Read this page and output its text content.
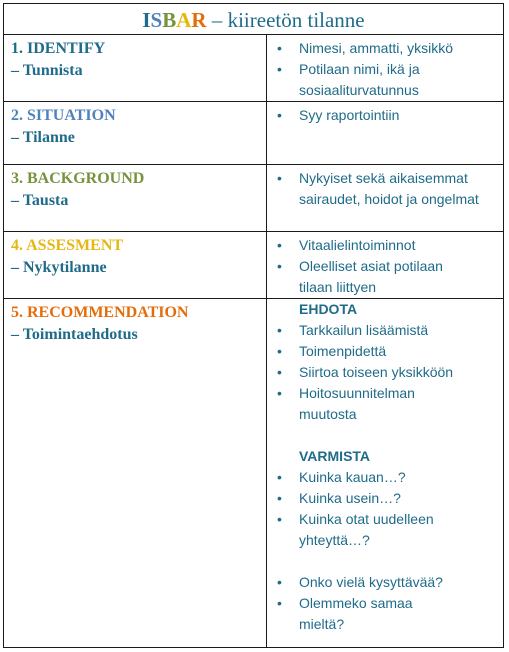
ISBAR – kiireetön tilanne
1. IDENTIFY
– Tunnista
• Nimesi, ammatti, yksikkö
• Potilaan nimi, ikä ja sosiaaliturvatunnus
2. SITUATION
– Tilanne
• Syy raportointiin
3. BACKGROUND
– Tausta
• Nykyiset sekä aikaisemmat sairaudet, hoidot ja ongelmat
4. ASSESMENT
– Nykytilanne
• Vitaalielintoiminnot
• Oleelliset asiat potilaan tilaan liittyen
5. RECOMMENDATION
– Toimintaehdotus
EHDOTA
• Tarkkailun lisäämistä
• Toimenpidettä
• Siirtoa toiseen yksikköön
• Hoitosuunnitelman muutosta
VARMISTA
• Kuinka kauan…?
• Kuinka usein…?
• Kuinka otat uudelleen yhteyttä…?
• Onko vielä kysyttävää?
• Olemmeko samaa mieltä?
